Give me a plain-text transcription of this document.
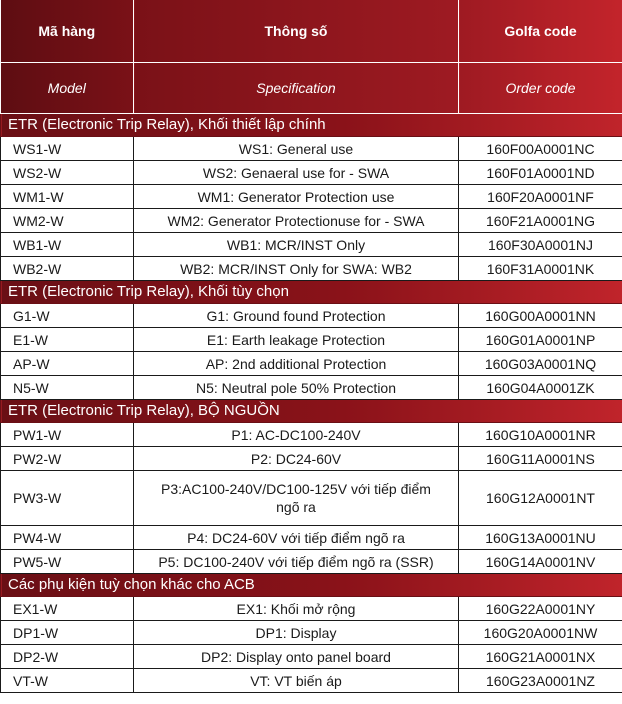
Mã hàng	Thông số	Golfa code
Model	Specification	Order code
ETR (Electronic Trip Relay), Khối thiết lập chính		
WS1-W	WS1: General use	160F00A0001NC
WS2-W	WS2: Genaeral use for - SWA	160F01A0001ND
WM1-W	WM1: Generator Protection use	160F20A0001NF
WM2-W	WM2: Generator Protectionuse for - SWA	160F21A0001NG
WB1-W	WB1: MCR/INST Only	160F30A0001NJ
WB2-W	WB2: MCR/INST Only for SWA: WB2	160F31A0001NK
ETR (Electronic Trip Relay), Khối tùy chọn		
G1-W	G1: Ground found Protection	160G00A0001NN
E1-W	E1: Earth leakage Protection	160G01A0001NP
AP-W	AP: 2nd additional Protection	160G03A0001NQ
N5-W	N5: Neutral pole 50% Protection	160G04A0001ZK
ETR (Electronic Trip Relay), BỘ NGUỒN		
PW1-W	P1: AC-DC100-240V	160G10A0001NR
PW2-W	P2: DC24-60V	160G11A0001NS
PW3-W	P3:AC100-240V/DC100-125V với tiếp điểm ngõ ra	160G12A0001NT
PW4-W	P4: DC24-60V với tiếp điểm ngõ ra	160G13A0001NU
PW5-W	P5: DC100-240V với tiếp điểm ngõ ra (SSR)	160G14A0001NV
Các phụ kiện tuỳ chọn khác cho ACB		
EX1-W	EX1: Khối mở rộng	160G22A0001NY
DP1-W	DP1: Display	160G20A0001NW
DP2-W	DP2: Display onto panel board	160G21A0001NX
VT-W	VT: VT biến áp	160G23A0001NZ
